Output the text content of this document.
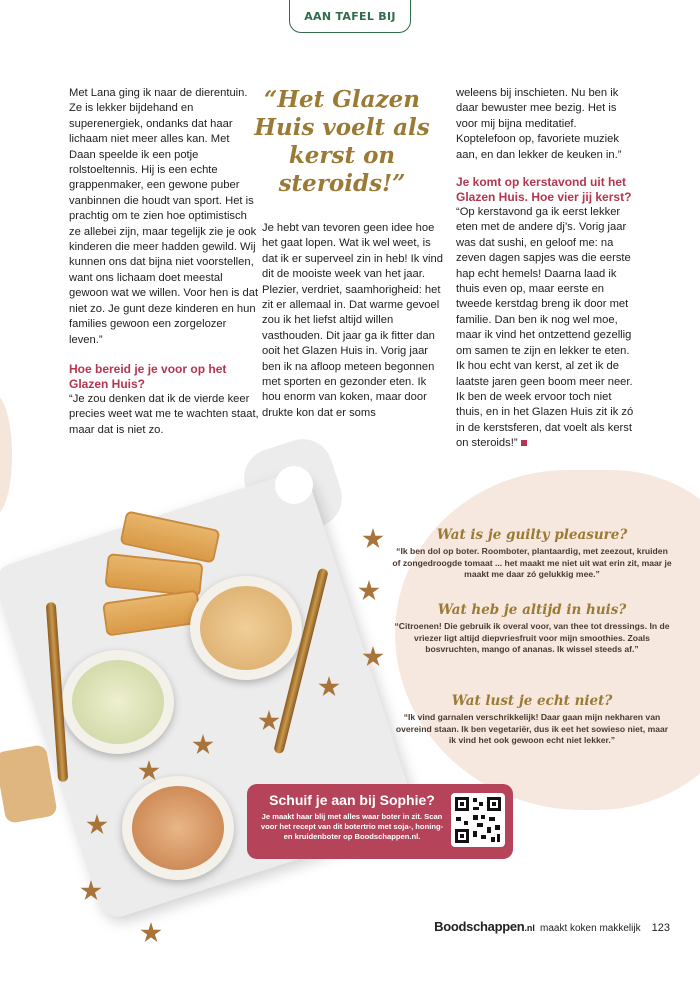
AAN TAFEL BIJ

Met Lana ging ik naar de dierentuin. Ze is lekker bijdehand en superenergiek, ondanks dat haar lichaam niet meer alles kan. Met Daan speelde ik een potje rolstoeltennis. Hij is een echte grappenmaker, een gewone puber vanbinnen die houdt van sport. Het is prachtig om te zien hoe optimistisch ze allebei zijn, maar tegelijk zie je ook kinderen die meer hadden gewild. Wij kunnen ons dat bijna niet voorstellen, want ons lichaam doet meestal gewoon wat we willen. Voor hen is dat niet zo. Je gunt deze kinderen en hun families gewoon een zorgelozer leven.”

Hoe bereid je je voor op het Glazen Huis?

“Je zou denken dat ik de vierde keer precies weet wat me te wachten staat, maar dat is niet zo.

“Het Glazen Huis voelt als kerst on steroids!”

Je hebt van tevoren geen idee hoe het gaat lopen. Wat ik wel weet, is dat ik er superveel zin in heb! Ik vind dit de mooiste week van het jaar. Plezier, verdriet, saamhorigheid: het zit er allemaal in. Dat warme gevoel zou ik het liefst altijd willen vasthouden. Dit jaar ga ik fitter dan ooit het Glazen Huis in. Vorig jaar ben ik na afloop meteen begonnen met sporten en gezonder eten. Ik hou enorm van koken, maar door drukte kon dat er soms

weleens bij inschieten. Nu ben ik daar bewuster mee bezig. Het is voor mij bijna meditatief. Koptelefoon op, favoriete muziek aan, en dan lekker de keuken in.”

Je komt op kerstavond uit het Glazen Huis. Hoe vier jij kerst?

“Op kerstavond ga ik eerst lekker eten met de andere dj’s. Vorig jaar was dat sushi, en geloof me: na zeven dagen sapjes was die eerste hap echt hemels! Daarna laad ik thuis even op, maar eerste en tweede kerstdag breng ik door met familie. Dan ben ik nog wel moe, maar ik vind het ontzettend gezellig om samen te zijn en lekker te eten. Ik hou echt van kerst, al zet ik de laatste jaren geen boom meer neer. Ik ben de week ervoor toch niet thuis, en in het Glazen Huis zit ik zó in de kerstsferen, dat voelt als kerst on steroids!”

Wat is je guilty pleasure?
“Ik ben dol op boter. Roomboter, plantaardig, met zeezout, kruiden of zongedroogde tomaat ... het maakt me niet uit wat erin zit, maar je maakt me daar zó gelukkig mee.”
Wat heb je altijd in huis?
“Citroenen! Die gebruik ik overal voor, van thee tot dressings. In de vriezer ligt altijd diepvriesfruit voor mijn smoothies. Zoals bosvruchten, mango of ananas. Ik wissel steeds af.”
Wat lust je echt niet?
“Ik vind garnalen verschrikkelijk! Daar gaan mijn nekharen van overeind staan. Ik ben vegetariër, dus ik eet het sowieso niet, maar ik vind het ook gewoon echt niet lekker.”
Schuif je aan bij Sophie?
Je maakt haar blij met alles waar boter in zit. Scan voor het recept van dit botertrio met soja-, honing- en kruidenboter op Boodschappen.nl.
Boodschappen.nl maakt koken makkelijk 123
